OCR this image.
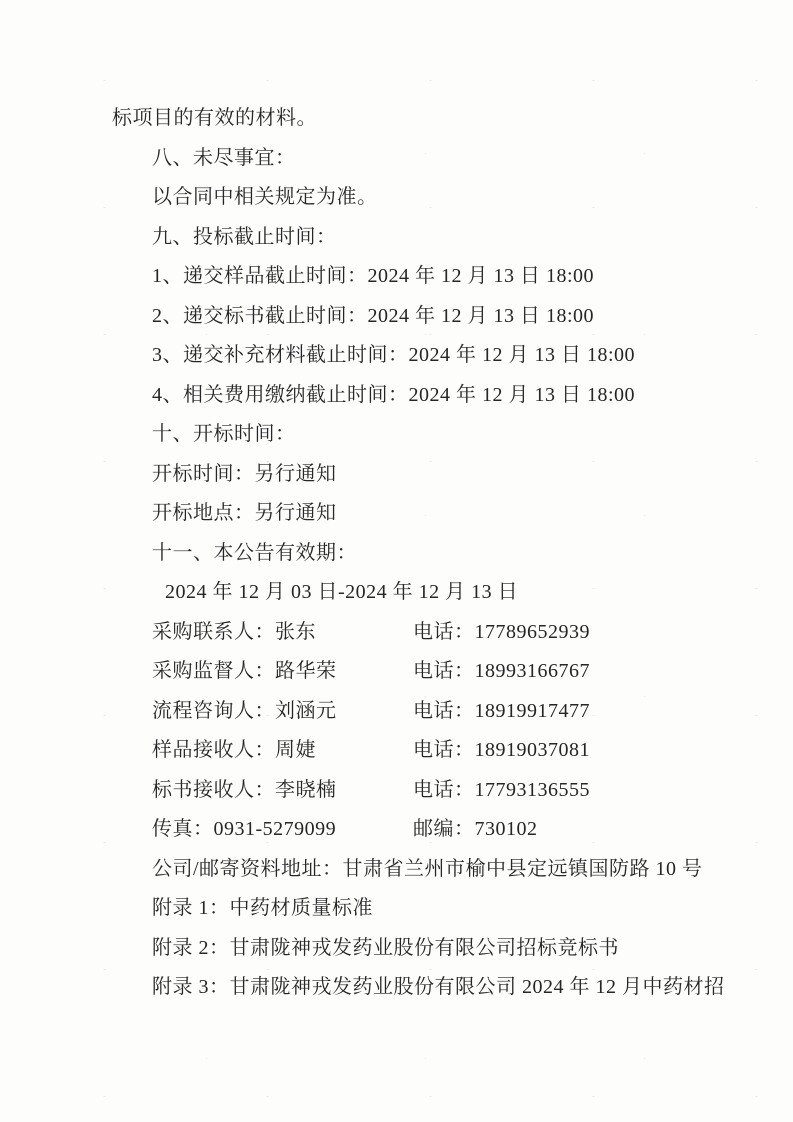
标项目的有效的材料。

八、未尽事宜：

以合同中相关规定为准。

九、投标截止时间：

1、递交样品截止时间：2024 年 12 月 13 日 18:00

2、递交标书截止时间：2024 年 12 月 13 日 18:00

3、递交补充材料截止时间：2024 年 12 月 13 日 18:00

4、相关费用缴纳截止时间：2024 年 12 月 13 日 18:00

十、开标时间：

开标时间：另行通知

开标地点：另行通知

十一、本公告有效期：

2024 年 12 月 03 日-2024 年 12 月 13 日

采购联系人：张东	电话：17789652939
采购监督人：路华荣	电话：18993166767
流程咨询人：刘涵元	电话：18919917477
样品接收人：周婕	电话：18919037081
标书接收人：李晓楠	电话：17793136555
传真：0931-5279099	邮编：730102

公司/邮寄资料地址：甘肃省兰州市榆中县定远镇国防路 10 号

附录 1：中药材质量标准

附录 2：甘肃陇神戎发药业股份有限公司招标竞标书

附录 3：甘肃陇神戎发药业股份有限公司 2024 年 12 月中药材招
